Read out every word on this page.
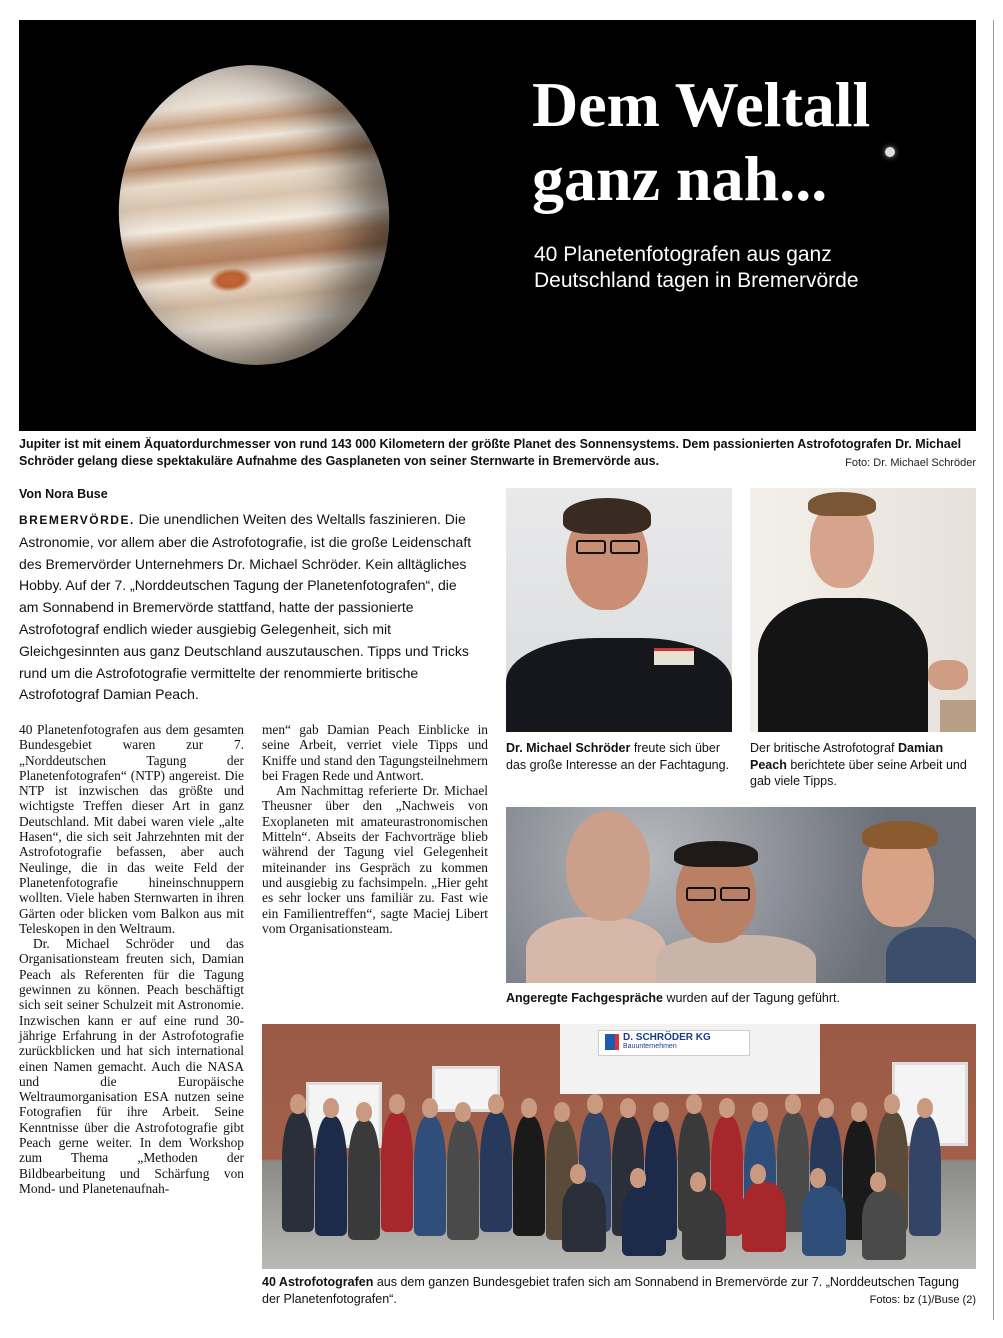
Dem Weltall
ganz nah...
40 Planetenfotografen aus ganz
Deutschland tagen in Bremervörde
Jupiter ist mit einem Äquatordurchmesser von rund 143 000 Kilometern der größte Planet des Sonnensystems. Dem passionierten Astrofotografen Dr. Michael Schröder gelang diese spektakuläre Aufnahme des Gasplaneten von seiner Sternwarte in Bremervörde aus.	Foto: Dr. Michael Schröder
Von Nora Buse
BREMERVÖRDE. Die unendlichen Weiten des Weltalls faszinieren. Die Astronomie, vor allem aber die Astrofotografie, ist die große Leidenschaft des Bremervörder Unternehmers Dr. Michael Schröder. Kein alltägliches Hobby. Auf der 7. „Norddeutschen Tagung der Planetenfotografen“, die am Sonnabend in Bremervörde stattfand, hatte der passionierte Astrofotograf endlich wieder ausgiebig Gelegenheit, sich mit Gleichgesinnten aus ganz Deutschland auszutauschen. Tipps und Tricks rund um die Astrofotografie vermittelte der renommierte britische Astrofotograf Damian Peach.

40 Planetenfotografen aus dem gesamten Bundesgebiet waren zur 7. „Norddeutschen Tagung der Planetenfotografen“ (NTP) angereist. Die NTP ist inzwischen das größte und wichtigste Treffen dieser Art in ganz Deutschland. Mit dabei waren viele „alte Hasen“, die sich seit Jahrzehnten mit der Astrofotografie befassen, aber auch Neulinge, die in das weite Feld der Planetenfotografie hineinschnuppern wollten. Viele haben Sternwarten in ihren Gärten oder blicken vom Balkon aus mit Teleskopen in den Weltraum.

Dr. Michael Schröder und das Organisationsteam freuten sich, Damian Peach als Referenten für die Tagung gewinnen zu können. Peach beschäftigt sich seit seiner Schulzeit mit Astronomie. Inzwischen kann er auf eine rund 30-jährige Erfahrung in der Astrofotografie zurückblicken und hat sich international einen Namen gemacht. Auch die NASA und die Europäische Weltraumorganisation ESA nutzen seine Fotografien für ihre Arbeit. Seine Kenntnisse über die Astrofotografie gibt Peach gerne weiter. In dem Workshop zum Thema „Methoden der Bildbearbeitung und Schärfung von Mond- und Planetenaufnah-

men“ gab Damian Peach Einblicke in seine Arbeit, verriet viele Tipps und Kniffe und stand den Tagungsteilnehmern bei Fragen Rede und Antwort.

Am Nachmittag referierte Dr. Michael Theusner über den „Nachweis von Exoplaneten mit amateurastronomischen Mitteln“. Abseits der Fachvorträge blieb während der Tagung viel Gelegenheit miteinander ins Gespräch zu kommen und ausgiebig zu fachsimpeln. „Hier geht es sehr locker uns familiär zu. Fast wie ein Familientreffen“, sagte Maciej Libert vom Organisationsteam.

Dr. Michael Schröder freute sich über das große Interesse an der Fachtagung.
Der britische Astrofotograf Damian Peach berichtete über seine Arbeit und gab viele Tipps.
Angeregte Fachgespräche wurden auf der Tagung geführt.
D. SCHRÖDER KG
Bauunternehmen
40 Astrofotografen aus dem ganzen Bundesgebiet trafen sich am Sonnabend in Bremervörde zur 7. „Norddeutschen Tagung der Planetenfotografen“.	Fotos: bz (1)/Buse (2)
